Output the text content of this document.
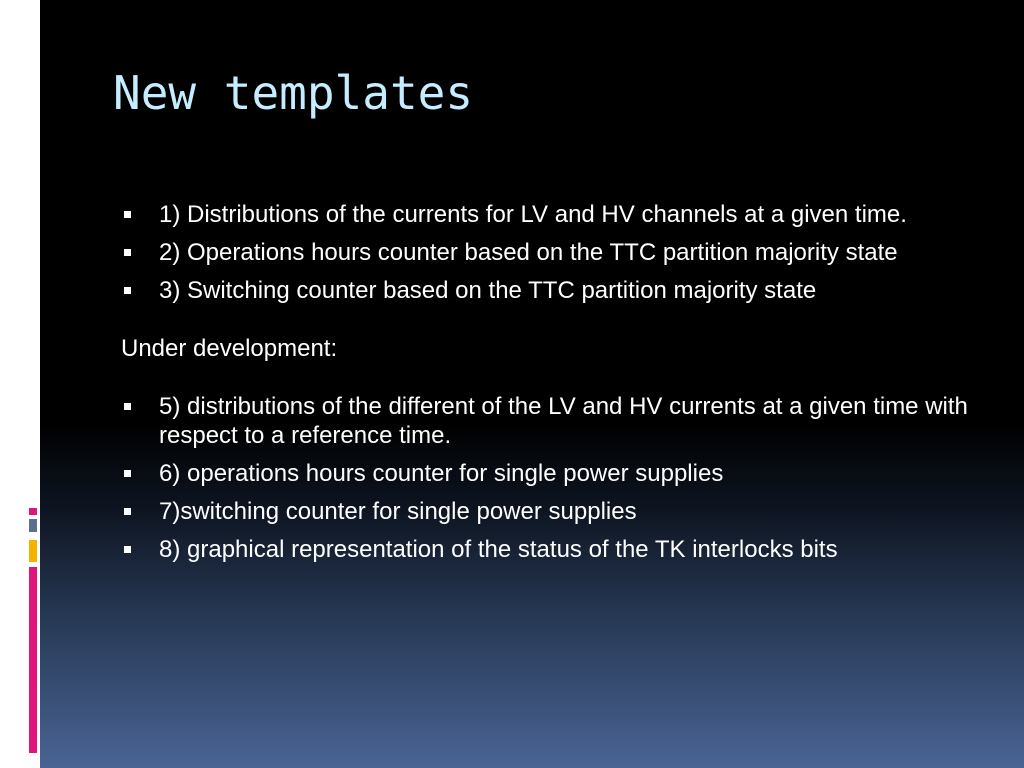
New templates
1) Distributions of the currents for LV and HV channels at a given time.
2) Operations hours counter based on the TTC partition majority state
3) Switching counter based on the TTC partition majority state

Under development:

5) distributions of the different of the LV and HV currents at a given time with respect to a reference time.
6) operations hours counter for single power supplies
7)switching counter for single power supplies
8) graphical representation of the status of the TK interlocks bits
